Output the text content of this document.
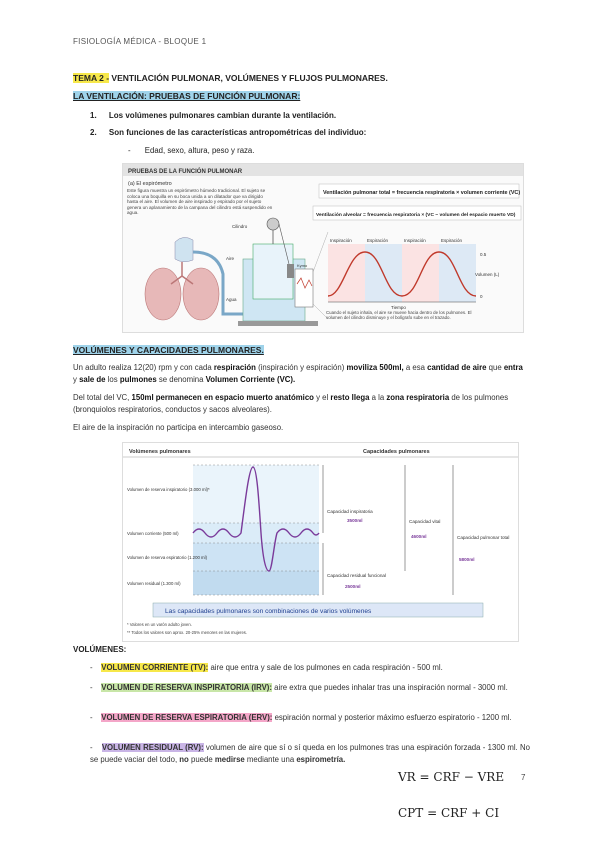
FISIOLOGÍA MÉDICA - BLOQUE 1
TEMA 2 - VENTILACIÓN PULMONAR, VOLÚMENES Y FLUJOS PULMONARES.
LA VENTILACIÓN: PRUEBAS DE FUNCIÓN PULMONAR:
1. Los volúmenes pulmonares cambian durante la ventilación.
2. Son funciones de las características antropométricas del individuo:
- Edad, sexo, altura, peso y raza.
PRUEBAS DE LA FUNCIÓN PULMONAR
(a) El espirómetro
Este figura muestra un espirómetro húmedo tradicional. El sujeto se coloca una boquilla en su boca unida a un dilatador que va dirigido hasta el aire. El volumen de aire inspirado y espirado por el sujeto genera un aplanamiento de la campana del cilindro está suspendido en agua.
Ventilación pulmonar total = frecuencia respiratoria × volumen corriente (VC)
Ventilación alveolar = frecuencia respiratoria × (VC − volumen del espacio muerto VD)
Cilindro
Aire
Agua
Kymo
Inspiración	Espiración	Inspiración	Espiración
0.5
0
Volumen (L)
Tiempo
Cuando el sujeto inhala, el aire se mueve hacia dentro de los pulmones. El volumen del cilindro disminuye y el bolígrafo sube en el trazado.
VOLÚMENES Y CAPACIDADES PULMONARES.
Un adulto realiza 12(20) rpm y con cada respiración (inspiración y espiración) moviliza 500ml, a esa cantidad de aire que entra y sale de los pulmones se denomina Volumen Corriente (VC).
Del total del VC, 150ml permanecen en espacio muerto anatómico y el resto llega a la zona respiratoria de los pulmones (bronquiolos respiratorios, conductos y sacos alveolares).
El aire de la inspiración no participa en intercambio gaseoso.
Volúmenes pulmonares	Capacidades pulmonares
Volumen de reserva inspiratorio (3.000 ml)*
Volumen corriente (500 ml)
Volumen de reserva espiratorio (1.200 ml)
Volumen residual (1.300 ml)
Capacidad inspiratoria
3500ml
Capacidad residual funcional
2500ml
Capacidad vital
4600ml	Capacidad pulmonar total
5800ml
Las capacidades pulmonares son combinaciones de varios volúmenes
* Valores en un varón adulto joven.
** Todos los valores son aprox. 20-25% menores en las mujeres.
VOLÚMENES:
- VOLUMEN CORRIENTE (TV): aire que entra y sale de los pulmones en cada respiración - 500 ml.
- VOLUMEN DE RESERVA INSPIRATORIA (IRV): aire extra que puedes inhalar tras una inspiración normal - 3000 ml.
- VOLUMEN DE RESERVA ESPIRATORIA (ERV): espiración normal y posterior máximo esfuerzo espiratorio - 1200 ml.
- VOLUMEN RESIDUAL (RV): volumen de aire que sí o sí queda en los pulmones tras una espiración forzada - 1300 ml. No se puede vaciar del todo, no puede medirse mediante una espirometría.
VR = CRF − VRE
CPT = CRF + CI
7
